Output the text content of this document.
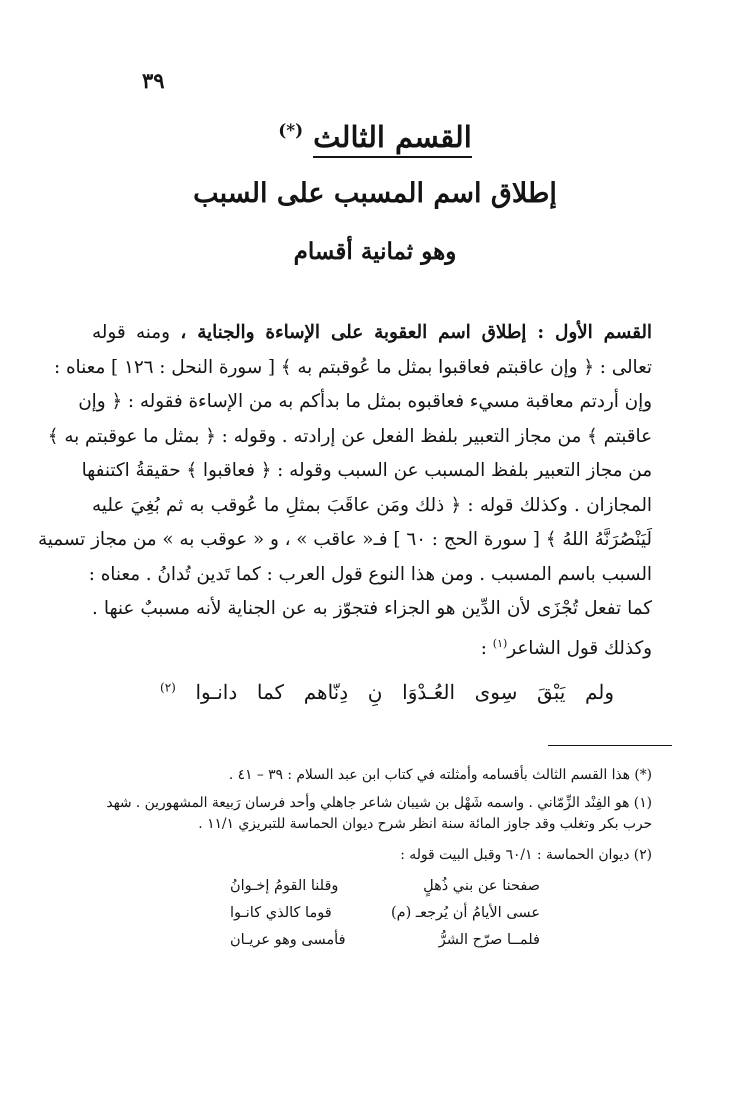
٣٩
القسم الثالث(*)
إطلاق اسم المسبب على السبب
وهو ثمانية أقسام
القسم الأول : إطلاق اسم العقوبة على الإساءة والجناية ، ومنه قوله
تعالى : ﴿ وإن عاقبتم فعاقبوا بمثل ما عُوقبتم به ﴾ [ سورة النحل : ١٢٦ ] معناه :
وإن أردتم معاقبة مسيء فعاقبوه بمثل ما بدأكم به من الإساءة فقوله : ﴿ وإن
عاقبتم ﴾ من مجاز التعبير بلفظ الفعل عن إرادته . وقوله : ﴿ بمثل ما عوقبتم به ﴾
من مجاز التعبير بلفظ المسبب عن السبب وقوله : ﴿ فعاقبوا ﴾ حقيقةُ اكتنفها
المجازان . وكذلك قوله : ﴿ ذلك ومَن عاقَبَ بمثلِ ما عُوقب به ثم بُغِيَ عليه
لَيَنْصُرَنَّهُ اللهُ ﴾ [ سورة الحج : ٦٠ ] فـ« عاقب » ، و « عوقب به » من مجاز تسمية
السبب باسم المسبب . ومن هذا النوع قول العرب : كما تَدين تُدانُ . معناه :
كما تفعل تُجْزَى لأن الدِّين هو الجزاء فتجوّز به عن الجناية لأنه مسببٌ عنها .
وكذلك قول الشاعر$^{(١)}$ :
ولم يَبْقَ سِوى العُـدْوَا نِ دِنّاهم كما دانـوا $^{(٢)}$
(*) هذا القسم الثالث بأقسامه وأمثلته في كتاب ابن عبد السلام : ٣٩ – ٤١ .
(١) هو الفِنْد الزِّمّاني . واسمه شَهْل بن شيبان شاعر جاهلي وأحد فرسان رَبيعة المشهورين . شهد
حرب بكر وتغلب وقد جاوز المائة سنة انظر شرح ديوان الحماسة للتبريزي ١١/١ .
(٢) ديوان الحماسة : ٦٠/١ وقبل البيت قوله :
صفحنا عن بني ذُهلٍ
وقلنا القومُ إخـوانُ
عسى الأيامُ أن يُرجعـ (م)
قوما كالذي كانـوا
فلمــا صرّح الشرُّ
فأمسى وهو عريـان
